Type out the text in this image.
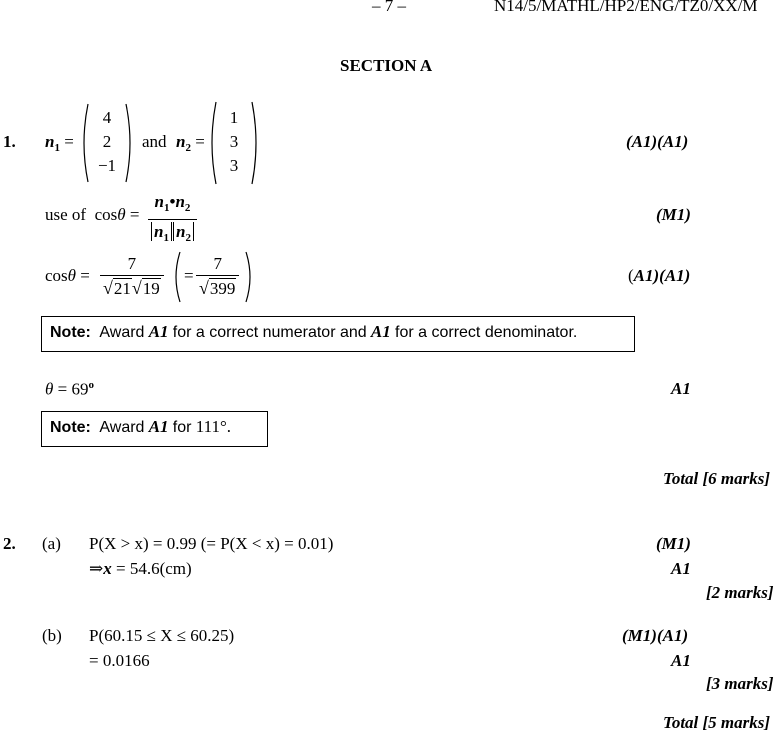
– 7 –	N14/5/MATHL/HP2/ENG/TZ0/XX/M
SECTION A
1. $n_1$ =
4
2
−1
and $n_2$ =
1
3
3
(A1)(A1)
use of $\cos\theta = \frac{n_1•n_2}{n_1 n_2}$	(M1)
$\cos\theta = \frac{7}{√21√19} = \frac{7}{√399}$	(A1)(A1)
Note: Award A1 for a correct numerator and A1 for a correct denominator.
$\theta = 69^o$	A1
Note: Award A1 for 111°.
Total [6 marks]
2. (a) P(X > x) = 0.99 (= P(X < x) = 0.01)	(M1)
⇒x = 54.6(cm)	A1
[2 marks]
(b) P(60.15 ≤ X ≤ 60.25)	(M1)(A1)
= 0.0166	A1
[3 marks]
Total [5 marks]
